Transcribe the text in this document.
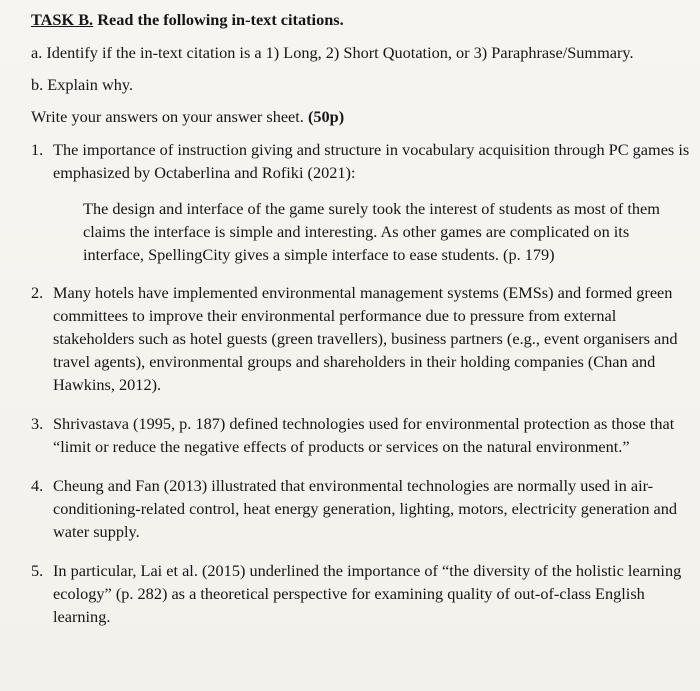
TASK B. Read the following in-text citations.
a. Identify if the in-text citation is a 1) Long, 2) Short Quotation, or 3) Paraphrase/Summary.
b. Explain why.
Write your answers on your answer sheet. (50p)
1. The importance of instruction giving and structure in vocabulary acquisition through PC games is emphasized by Octaberlina and Rofiki (2021):
The design and interface of the game surely took the interest of students as most of them claims the interface is simple and interesting. As other games are complicated on its interface, SpellingCity gives a simple interface to ease students. (p. 179)
2. Many hotels have implemented environmental management systems (EMSs) and formed green committees to improve their environmental performance due to pressure from external stakeholders such as hotel guests (green travellers), business partners (e.g., event organisers and travel agents), environmental groups and shareholders in their holding companies (Chan and Hawkins, 2012).
3. Shrivastava (1995, p. 187) defined technologies used for environmental protection as those that “limit or reduce the negative effects of products or services on the natural environment.”
4. Cheung and Fan (2013) illustrated that environmental technologies are normally used in air-conditioning-related control, heat energy generation, lighting, motors, electricity generation and water supply.
5. In particular, Lai et al. (2015) underlined the importance of “the diversity of the holistic learning ecology” (p. 282) as a theoretical perspective for examining quality of out-of-class English learning.
